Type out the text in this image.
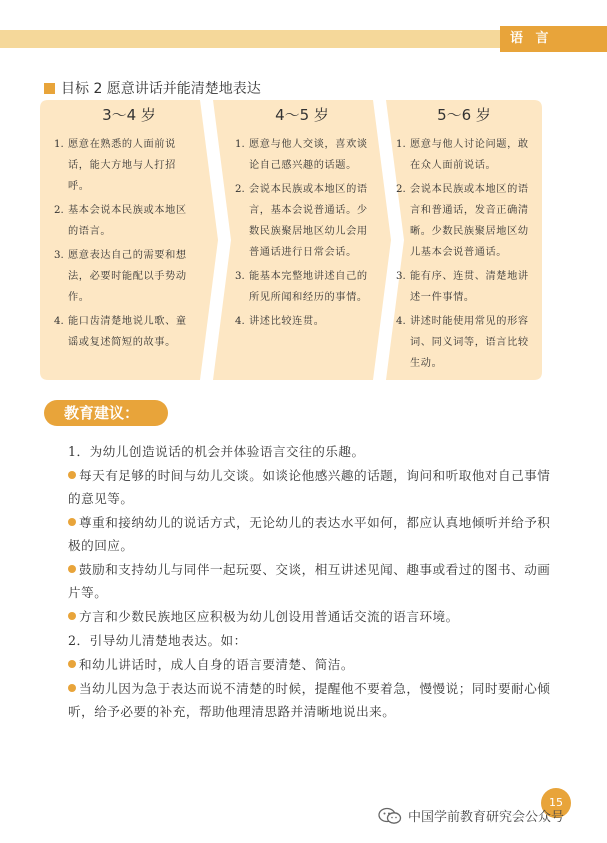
语 言
目标 2 愿意讲话并能清楚地表达
3～4 岁
1. 愿意在熟悉的人面前说话，能大方地与人打招呼。
2. 基本会说本民族或本地区的语言。
3. 愿意表达自己的需要和想法，必要时能配以手势动作。
4. 能口齿清楚地说儿歌、童谣或复述简短的故事。
4～5 岁
1. 愿意与他人交谈，喜欢谈论自己感兴趣的话题。
2. 会说本民族或本地区的语言，基本会说普通话。少数民族聚居地区幼儿会用普通话进行日常会话。
3. 能基本完整地讲述自己的所见所闻和经历的事情。
4. 讲述比较连贯。
5～6 岁
1. 愿意与他人讨论问题，敢在众人面前说话。
2. 会说本民族或本地区的语言和普通话，发音正确清晰。少数民族聚居地区幼儿基本会说普通话。
3. 能有序、连贯、清楚地讲述一件事情。
4. 讲述时能使用常见的形容词、同义词等，语言比较生动。
教育建议：

1．为幼儿创造说话的机会并体验语言交往的乐趣。

每天有足够的时间与幼儿交谈。如谈论他感兴趣的话题，询问和听取他对自己事情的意见等。

尊重和接纳幼儿的说话方式，无论幼儿的表达水平如何，都应认真地倾听并给予积极的回应。

鼓励和支持幼儿与同伴一起玩耍、交谈，相互讲述见闻、趣事或看过的图书、动画片等。

方言和少数民族地区应积极为幼儿创设用普通话交流的语言环境。

2．引导幼儿清楚地表达。如：

和幼儿讲话时，成人自身的语言要清楚、简洁。

当幼儿因为急于表达而说不清楚的时候，提醒他不要着急，慢慢说；同时要耐心倾听，给予必要的补充，帮助他理清思路并清晰地说出来。

15
中国学前教育研究会公众号
